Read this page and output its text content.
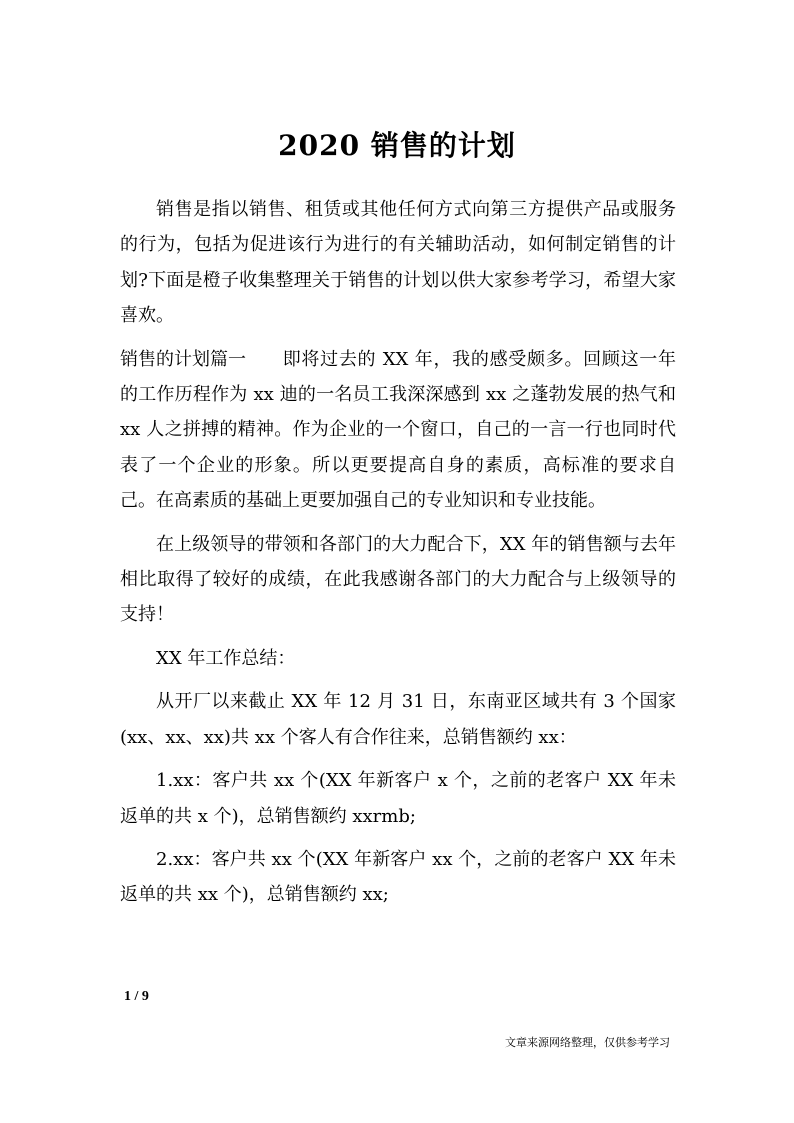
2020 销售的计划

销售是指以销售、租赁或其他任何方式向第三方提供产品或服务的行为，包括为促进该行为进行的有关辅助活动，如何制定销售的计划?下面是橙子收集整理关于销售的计划以供大家参考学习，希望大家喜欢。

销售的计划篇一 即将过去的 XX 年，我的感受颇多。回顾这一年的工作历程作为 xx 迪的一名员工我深深感到 xx 之蓬勃发展的热气和 xx 人之拼搏的精神。作为企业的一个窗口，自己的一言一行也同时代表了一个企业的形象。所以更要提高自身的素质，高标准的要求自己。在高素质的基础上更要加强自己的专业知识和专业技能。

在上级领导的带领和各部门的大力配合下，XX 年的销售额与去年相比取得了较好的成绩，在此我感谢各部门的大力配合与上级领导的支持！

XX 年工作总结：

从开厂以来截止 XX 年 12 月 31 日，东南亚区域共有 3 个国家(xx、xx、xx)共 xx 个客人有合作往来，总销售额约 xx：

1.xx：客户共 xx 个(XX 年新客户 x 个，之前的老客户 XX 年未返单的共 x 个)，总销售额约 xxrmb;

2.xx：客户共 xx 个(XX 年新客户 xx 个，之前的老客户 XX 年未返单的共 xx 个)，总销售额约 xx;

1 / 9
文章来源网络整理，仅供参考学习
